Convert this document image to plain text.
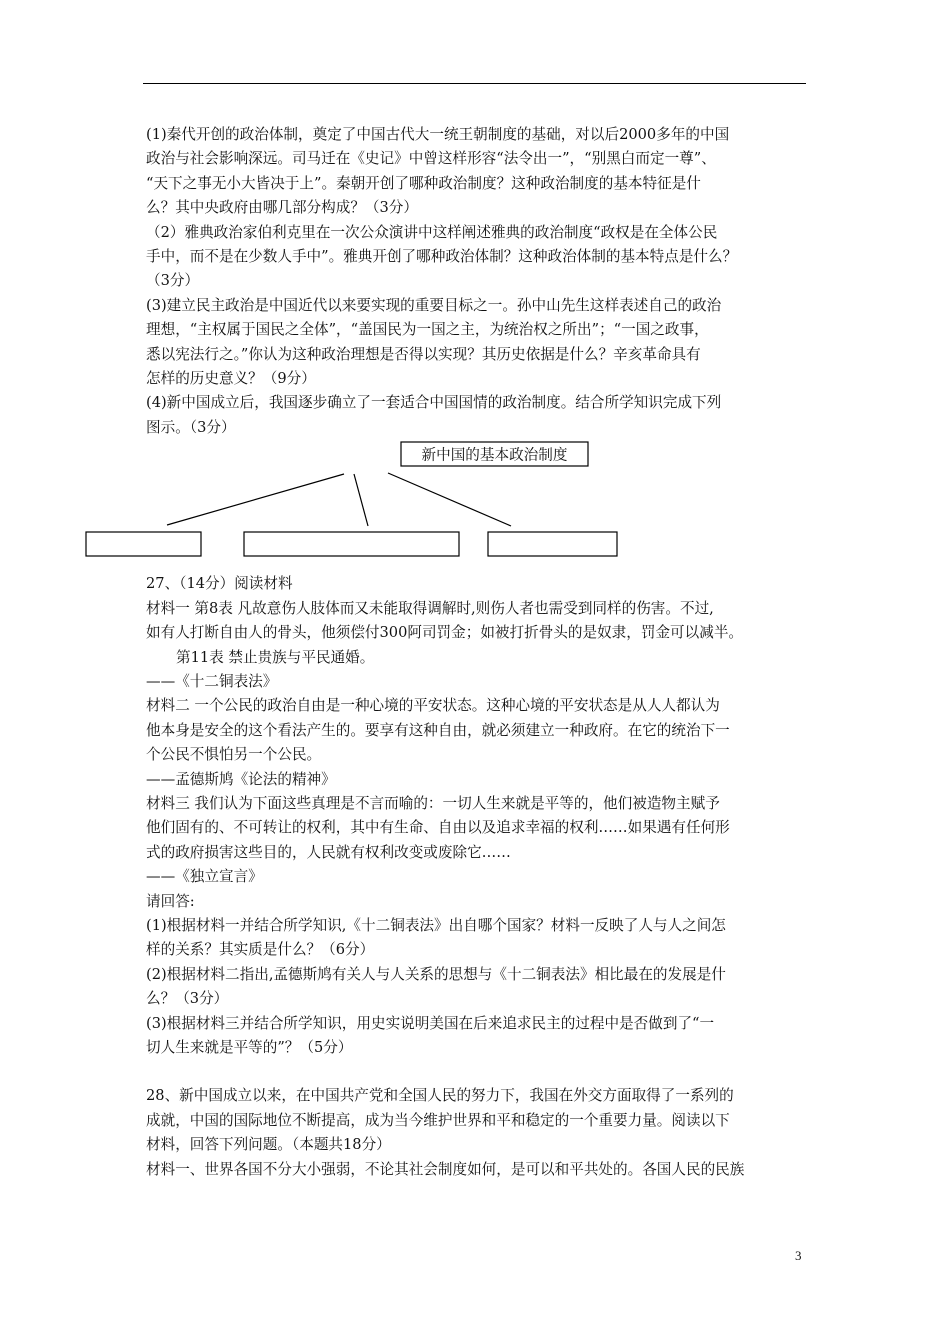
(1)秦代开创的政治体制，奠定了中国古代大一统王朝制度的基础，对以后2000多年的中国

政治与社会影响深远。司马迁在《史记》中曾这样形容“法令出一”，“别黑白而定一尊”、

“天下之事无小大皆决于上”。秦朝开创了哪种政治制度？这种政治制度的基本特征是什

么？其中央政府由哪几部分构成？（3分）

（2）雅典政治家伯利克里在一次公众演讲中这样阐述雅典的政治制度“政权是在全体公民

手中，而不是在少数人手中”。雅典开创了哪种政治体制？这种政治体制的基本特点是什么？

（3分）

(3)建立民主政治是中国近代以来要实现的重要目标之一。孙中山先生这样表述自己的政治

理想，“主权属于国民之全体”，“盖国民为一国之主，为统治权之所出”；“一国之政事，

悉以宪法行之。”你认为这种政治理想是否得以实现？其历史依据是什么？辛亥革命具有

怎样的历史意义？（9分）

(4)新中国成立后，我国逐步确立了一套适合中国国情的政治制度。结合所学知识完成下列

图示。（3分）

新中国的基本政治制度

27、（14分）阅读材料

材料一 第8表 凡故意伤人肢体而又未能取得调解时,则伤人者也需受到同样的伤害。不过,

如有人打断自由人的骨头，他须偿付300阿司罚金；如被打折骨头的是奴隶，罚金可以减半。

第11表 禁止贵族与平民通婚。

——《十二铜表法》

材料二 一个公民的政治自由是一种心境的平安状态。这种心境的平安状态是从人人都认为

他本身是安全的这个看法产生的。要享有这种自由，就必须建立一种政府。在它的统治下一

个公民不惧怕另一个公民。

——孟德斯鸠《论法的精神》

材料三 我们认为下面这些真理是不言而喻的：一切人生来就是平等的，他们被造物主赋予

他们固有的、不可转让的权利，其中有生命、自由以及追求幸福的权利……如果遇有任何形

式的政府损害这些目的，人民就有权利改变或废除它……

——《独立宣言》

请回答:

(1)根据材料一并结合所学知识,《十二铜表法》出自哪个国家？材料一反映了人与人之间怎

样的关系？其实质是什么？（6分）

(2)根据材料二指出,孟德斯鸠有关人与人关系的思想与《十二铜表法》相比最在的发展是什

么？（3分）

(3)根据材料三并结合所学知识，用史实说明美国在后来追求民主的过程中是否做到了“一

切人生来就是平等的”？（5分）

28、新中国成立以来，在中国共产党和全国人民的努力下，我国在外交方面取得了一系列的

成就，中国的国际地位不断提高，成为当今维护世界和平和稳定的一个重要力量。阅读以下

材料，回答下列问题。（本题共18分）

材料一、世界各国不分大小强弱，不论其社会制度如何，是可以和平共处的。各国人民的民族

3
